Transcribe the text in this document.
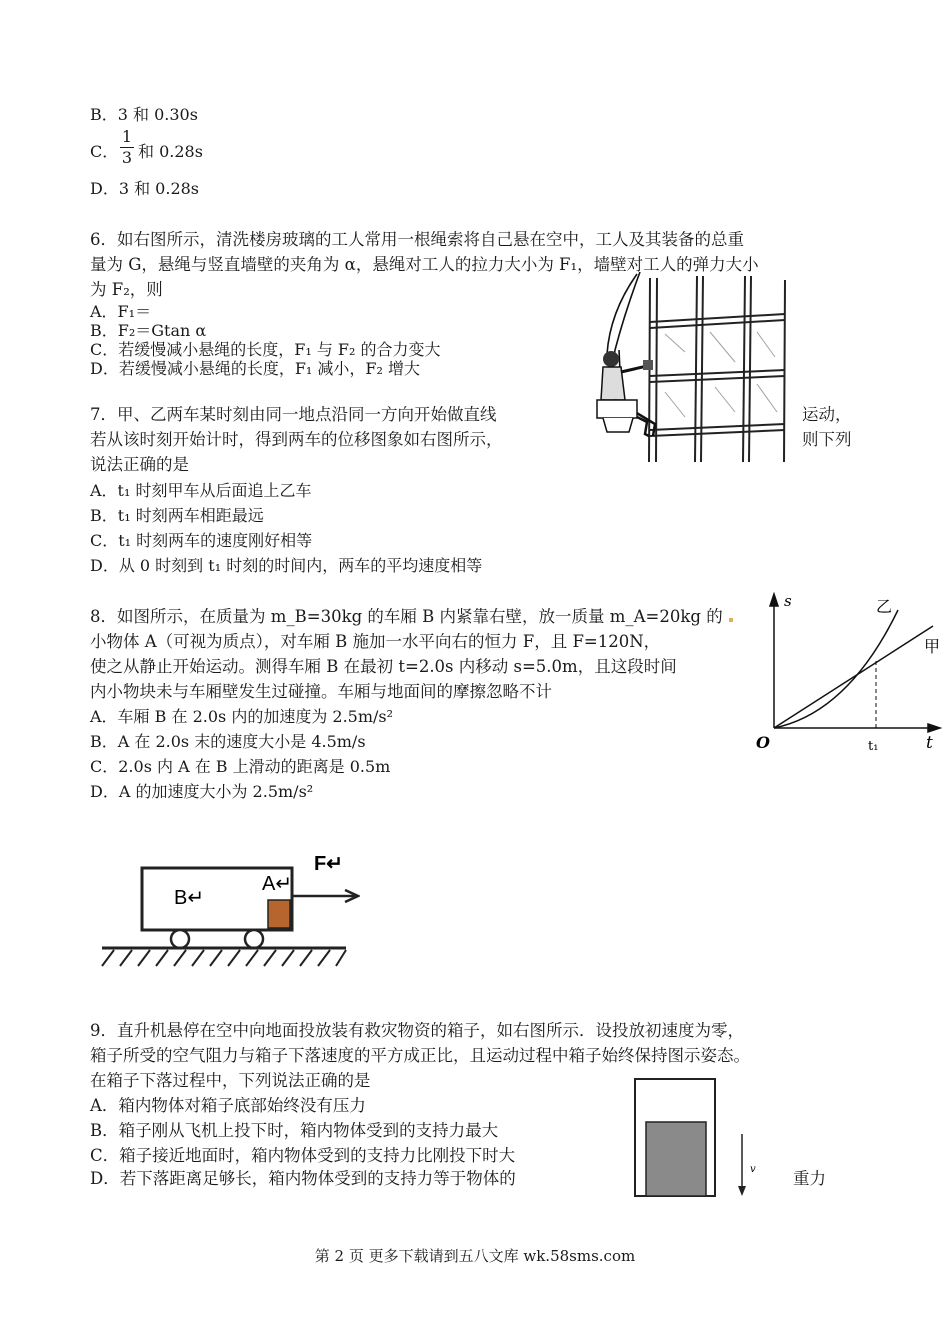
B．3 和 0.30s
C．
1
3 和 0.28s
D．3 和 0.28s
6．如右图所示，清洗楼房玻璃的工人常用一根绳索将自己悬在空中，工人及其装备的总重
量为 G，悬绳与竖直墙壁的夹角为 α，悬绳对工人的拉力大小为 F₁，墙壁对工人的弹力大小
为 F₂，则
A．F₁＝
B．F₂＝Gtan α
C．若缓慢减小悬绳的长度，F₁ 与 F₂ 的合力变大
D．若缓慢减小悬绳的长度，F₁ 减小，F₂ 增大
7．甲、乙两车某时刻由同一地点沿同一方向开始做直线	运动，
若从该时刻开始计时，得到两车的位移图象如右图所示，	则下列
说法正确的是
A．t₁ 时刻甲车从后面追上乙车
B．t₁ 时刻两车相距最远
C．t₁ 时刻两车的速度刚好相等
D．从 0 时刻到 t₁ 时刻的时间内，两车的平均速度相等
8．如图所示，在质量为 m_B=30kg 的车厢 B 内紧靠右壁，放一质量 m_A=20kg 的
小物体 A（可视为质点），对车厢 B 施加一水平向右的恒力 F，且 F=120N，
使之从静止开始运动。测得车厢 B 在最初 t=2.0s 内移动 s=5.0m，且这段时间
内小物块未与车厢壁发生过碰撞。车厢与地面间的摩擦忽略不计
A．车厢 B 在 2.0s 内的加速度为 2.5m/s²
B．A 在 2.0s 末的速度大小是 4.5m/s
C．2.0s 内 A 在 B 上滑动的距离是 0.5m
D．A 的加速度大小为 2.5m/s²
s
t
O	t₁
甲
乙
B↵
A↵
F↵
9．直升机悬停在空中向地面投放装有救灾物资的箱子，如右图所示．设投放初速度为零，
箱子所受的空气阻力与箱子下落速度的平方成正比，且运动过程中箱子始终保持图示姿态。
在箱子下落过程中，下列说法正确的是
A．箱内物体对箱子底部始终没有压力
B．箱子刚从飞机上投下时，箱内物体受到的支持力最大
C．箱子接近地面时，箱内物体受到的支持力比刚投下时大
D．若下落距离足够长，箱内物体受到的支持力等于物体的	重力
v
第 2 页 更多下载请到五八文库 wk.58sms.com
